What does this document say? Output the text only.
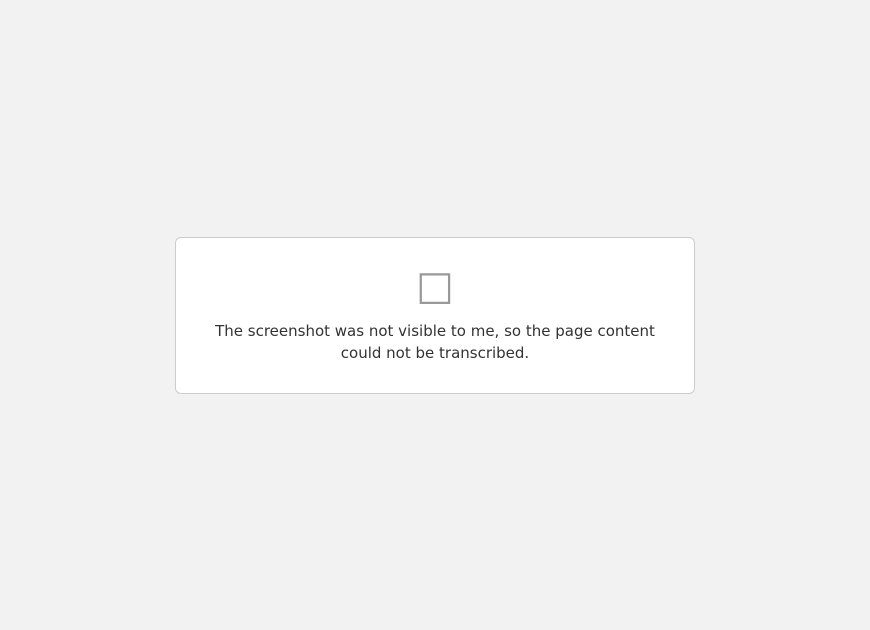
□
The screenshot was not visible to me, so the page content could not be transcribed.
